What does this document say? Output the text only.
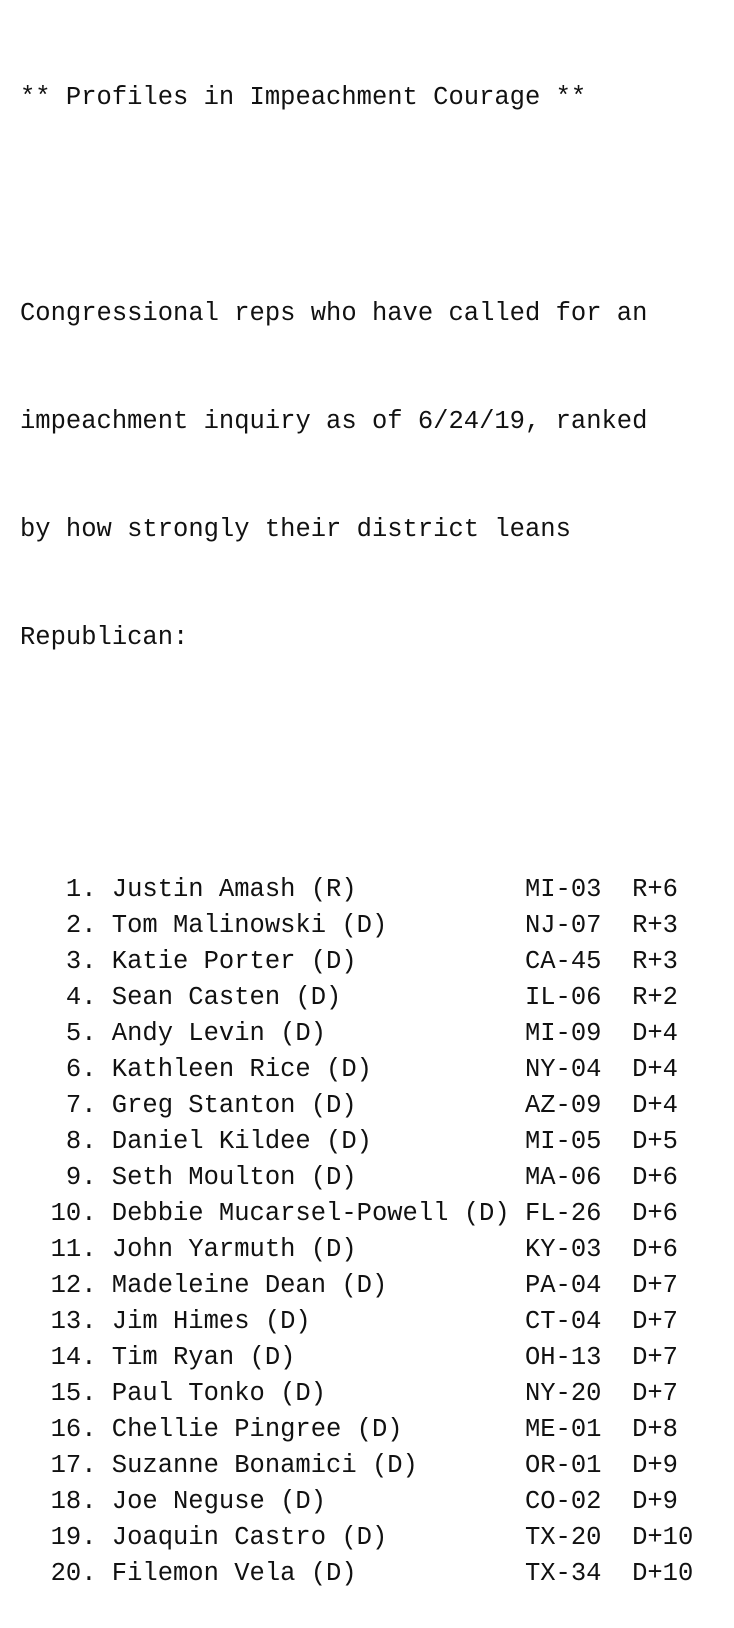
** Profiles in Impeachment Courage **

Congressional reps who have called for an

impeachment inquiry as of 6/24/19, ranked

by how strongly their district leans

Republican:

1. Justin Amash (R)	MI-03 R+6
2. Tom Malinowski (D)	NJ-07 R+3
3. Katie Porter (D)	CA-45 R+3
4. Sean Casten (D)	IL-06 R+2
5. Andy Levin (D)	MI-09 D+4
6. Kathleen Rice (D)	NY-04 D+4
7. Greg Stanton (D)	AZ-09 D+4
8. Daniel Kildee (D)	MI-05 D+5
9. Seth Moulton (D)	MA-06 D+6
10. Debbie Mucarsel-Powell (D) FL-26 D+6
11. John Yarmuth (D)	KY-03 D+6
12. Madeleine Dean (D)	PA-04 D+7
13. Jim Himes (D)	CT-04 D+7
14. Tim Ryan (D)	OH-13 D+7
15. Paul Tonko (D)	NY-20 D+7
16. Chellie Pingree (D)	ME-01 D+8
17. Suzanne Bonamici (D)	OR-01 D+9
18. Joe Neguse (D)	CO-02 D+9
19. Joaquin Castro (D)	TX-20 D+10
20. Filemon Vela (D)	TX-34 D+10
